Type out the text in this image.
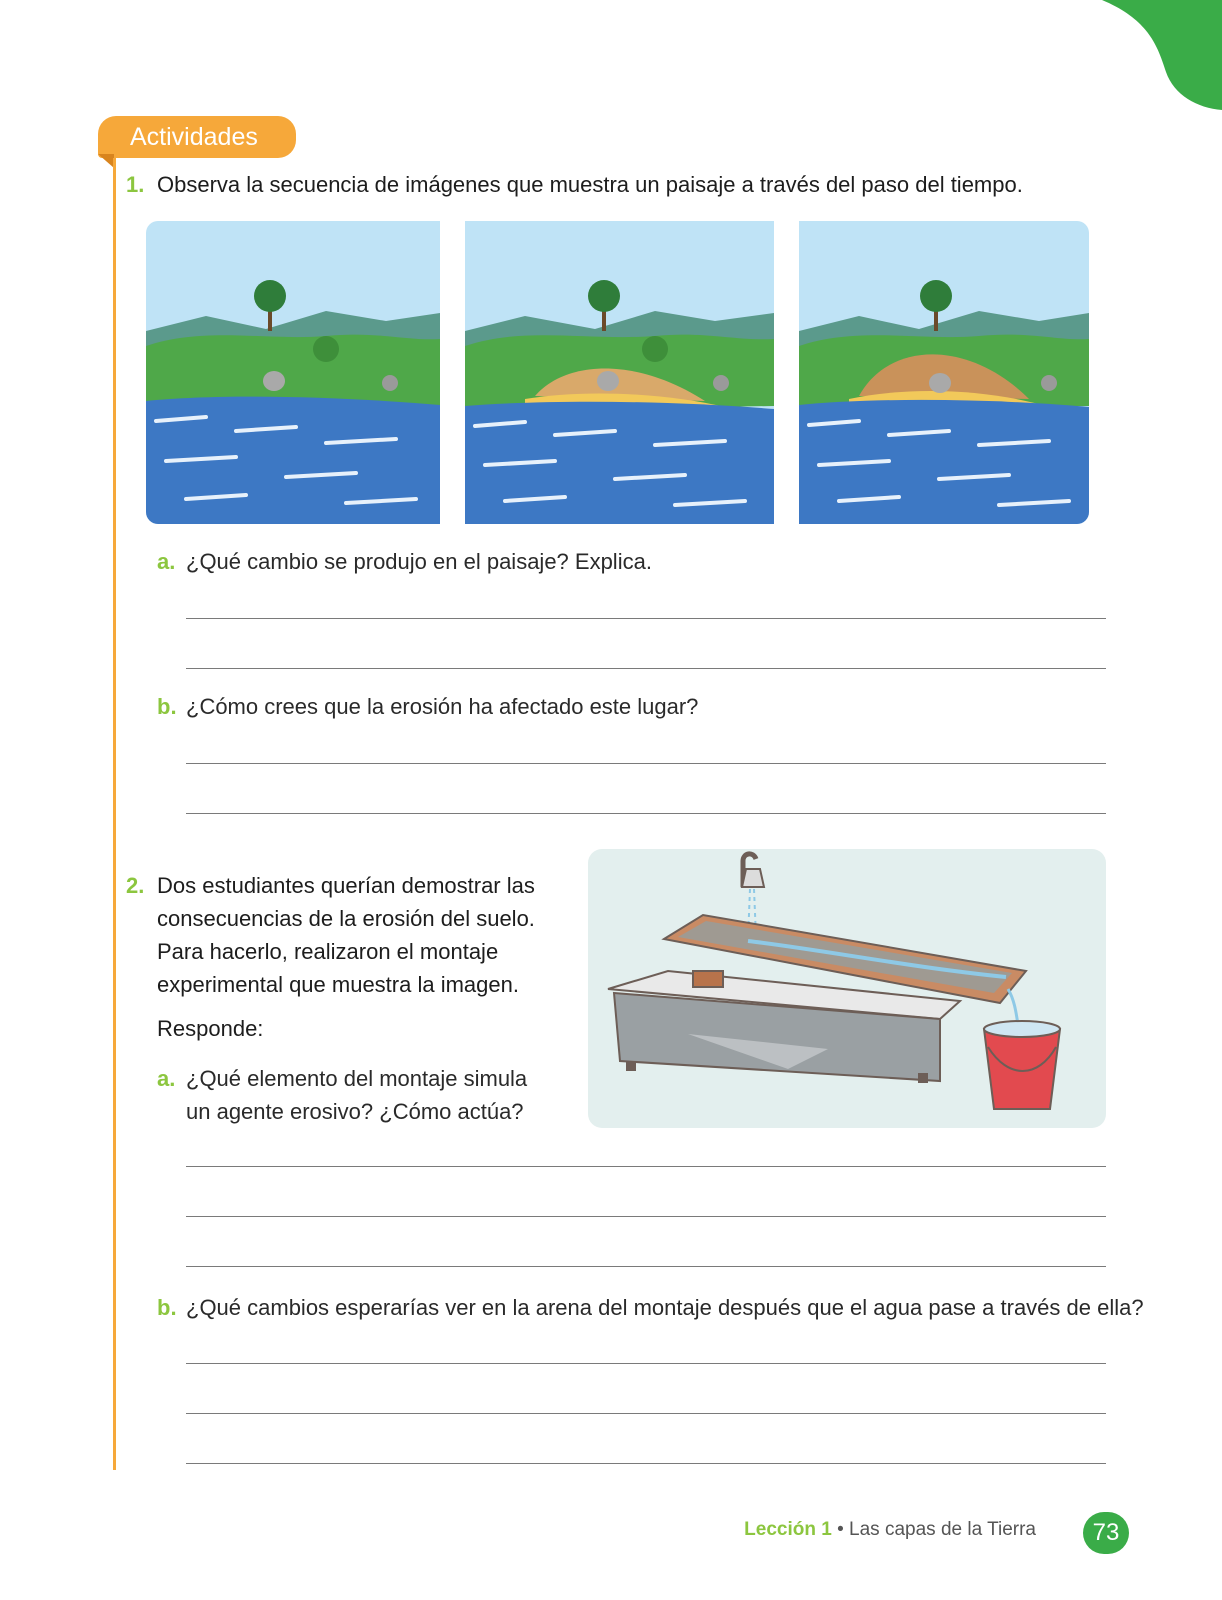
Actividades
1. Observa la secuencia de imágenes que muestra un paisaje a través del paso del tiempo.
a. ¿Qué cambio se produjo en el paisaje? Explica.
b. ¿Cómo crees que la erosión ha afectado este lugar?
2. Dos estudiantes querían demostrar las
consecuencias de la erosión del suelo.
Para hacerlo, realizaron el montaje
experimental que muestra la imagen.
Responde:
a. ¿Qué elemento del montaje simula
un agente erosivo? ¿Cómo actúa?
b. ¿Qué cambios esperarías ver en la arena del montaje después que el agua pase a través de ella?
Lección 1 • Las capas de la Tierra	73
